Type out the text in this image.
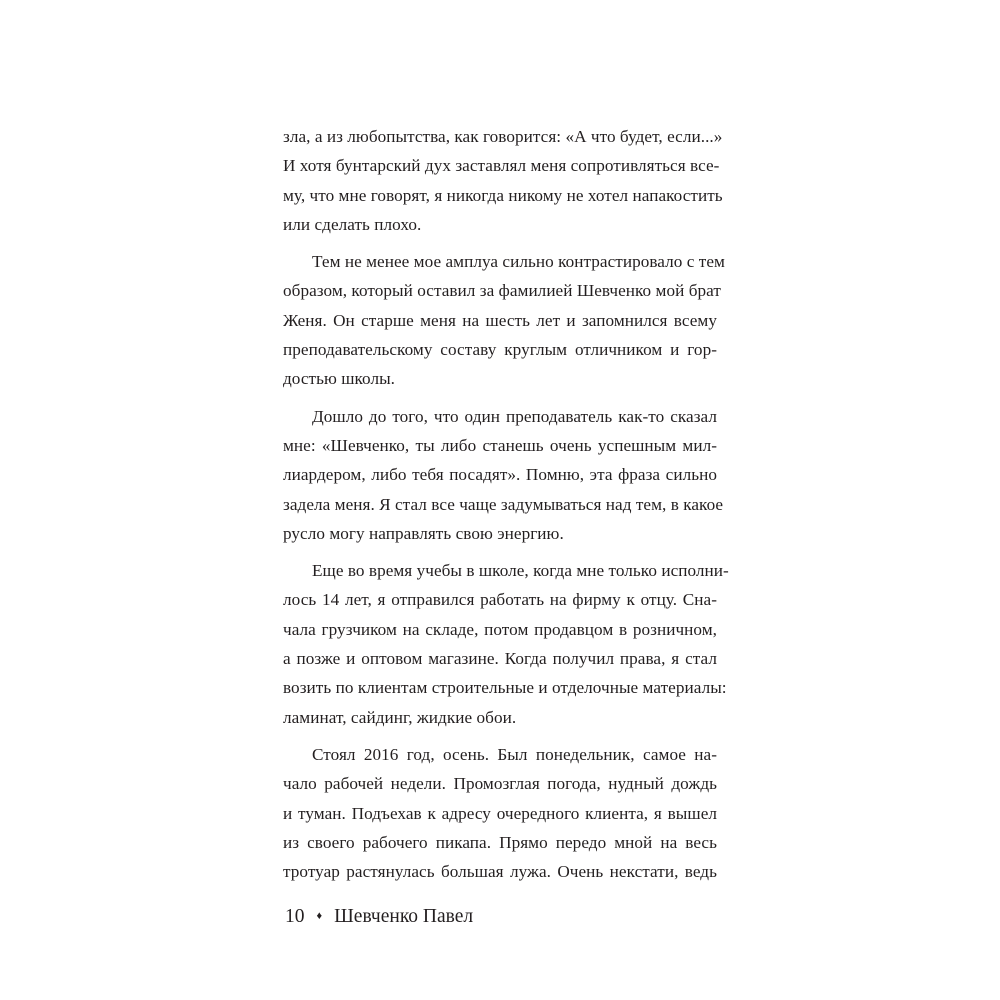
зла, а из любопытства, как говорится: «А что будет, если...»
И хотя бунтарский дух заставлял меня сопротивляться все-
му, что мне говорят, я никогда никому не хотел напакостить
или сделать плохо.
Тем не менее мое амплуа сильно контрастировало с тем
образом, который оставил за фамилией Шевченко мой брат
Женя. Он старше меня на шесть лет и запомнился всему
преподавательскому составу круглым отличником и гор-
достью школы.
Дошло до того, что один преподаватель как-то сказал
мне: «Шевченко, ты либо станешь очень успешным мил-
лиардером, либо тебя посадят». Помню, эта фраза сильно
задела меня. Я стал все чаще задумываться над тем, в какое
русло могу направлять свою энергию.
Еще во время учебы в школе, когда мне только исполни-
лось 14 лет, я отправился работать на фирму к отцу. Сна-
чала грузчиком на складе, потом продавцом в розничном,
а позже и оптовом магазине. Когда получил права, я стал
возить по клиентам строительные и отделочные материалы:
ламинат, сайдинг, жидкие обои.
Стоял 2016 год, осень. Был понедельник, самое на-
чало рабочей недели. Промозглая погода, нудный дождь
и туман. Подъехав к адресу очередного клиента, я вышел
из своего рабочего пикапа. Прямо передо мной на весь
тротуар растянулась большая лужа. Очень некстати, ведь
10 ♦ Шевченко Павел
